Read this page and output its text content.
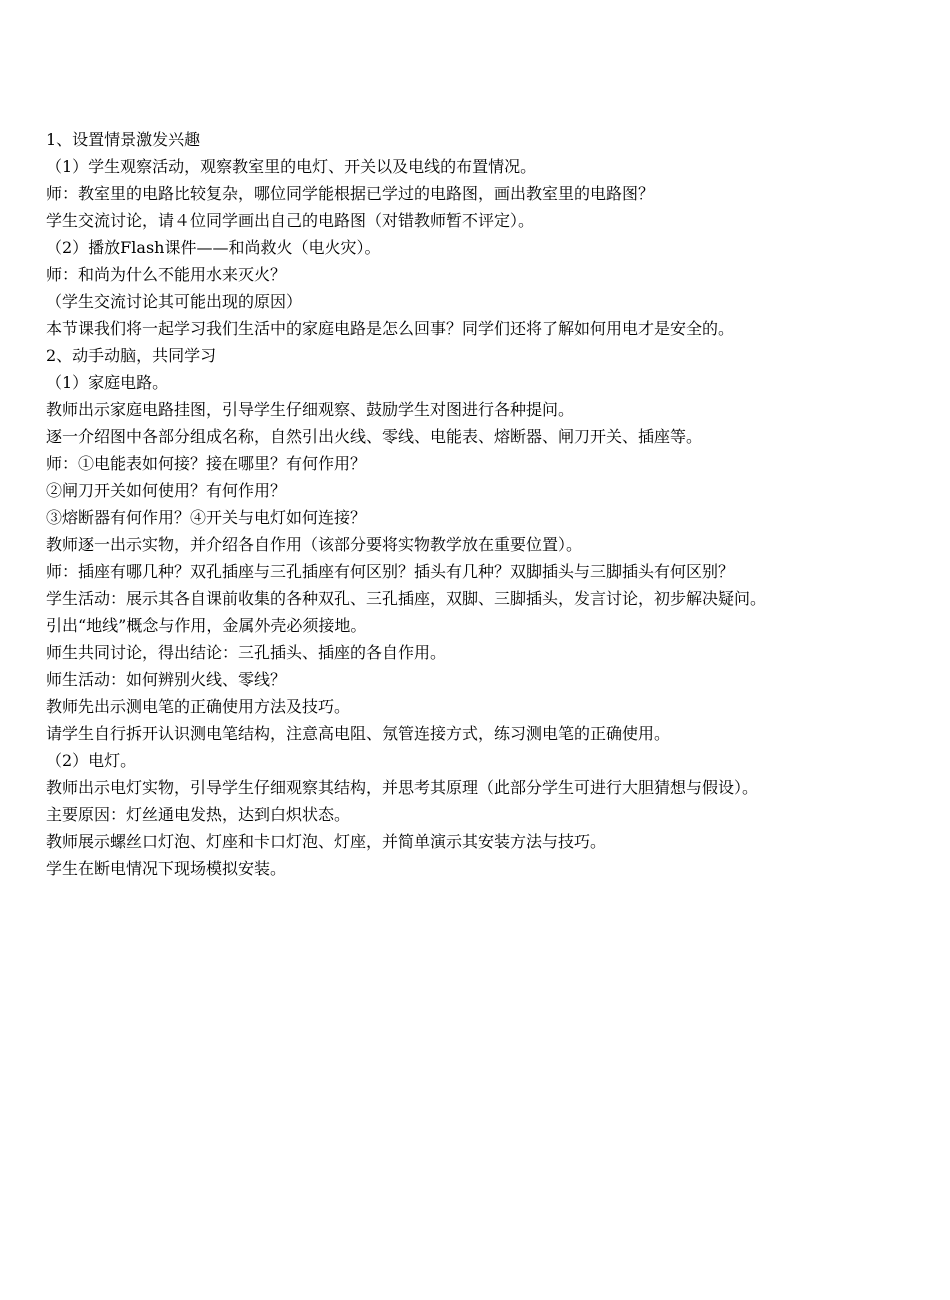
1、设置情景激发兴趣

（1）学生观察活动，观察教室里的电灯、开关以及电线的布置情况。

师：教室里的电路比较复杂，哪位同学能根据已学过的电路图，画出教室里的电路图？

学生交流讨论，请４位同学画出自己的电路图（对错教师暂不评定）。

（2）播放Flash课件——和尚救火（电火灾）。

师：和尚为什么不能用水来灭火？

（学生交流讨论其可能出现的原因）

本节课我们将一起学习我们生活中的家庭电路是怎么回事？同学们还将了解如何用电才是安全的。

2、动手动脑，共同学习

（1）家庭电路。

教师出示家庭电路挂图，引导学生仔细观察、鼓励学生对图进行各种提问。

逐一介绍图中各部分组成名称，自然引出火线、零线、电能表、熔断器、闸刀开关、插座等。

师：①电能表如何接？接在哪里？有何作用？

②闸刀开关如何使用？有何作用？

③熔断器有何作用？④开关与电灯如何连接？

教师逐一出示实物，并介绍各自作用（该部分要将实物教学放在重要位置）。

师：插座有哪几种？双孔插座与三孔插座有何区别？插头有几种？双脚插头与三脚插头有何区别？

学生活动：展示其各自课前收集的各种双孔、三孔插座，双脚、三脚插头，发言讨论，初步解决疑问。

引出“地线”概念与作用，金属外壳必须接地。

师生共同讨论，得出结论：三孔插头、插座的各自作用。

师生活动：如何辨别火线、零线？

教师先出示测电笔的正确使用方法及技巧。

请学生自行拆开认识测电笔结构，注意高电阻、氖管连接方式，练习测电笔的正确使用。

（2）电灯。

教师出示电灯实物，引导学生仔细观察其结构，并思考其原理（此部分学生可进行大胆猜想与假设）。

主要原因：灯丝通电发热，达到白炽状态。

教师展示螺丝口灯泡、灯座和卡口灯泡、灯座，并简单演示其安装方法与技巧。

学生在断电情况下现场模拟安装。
